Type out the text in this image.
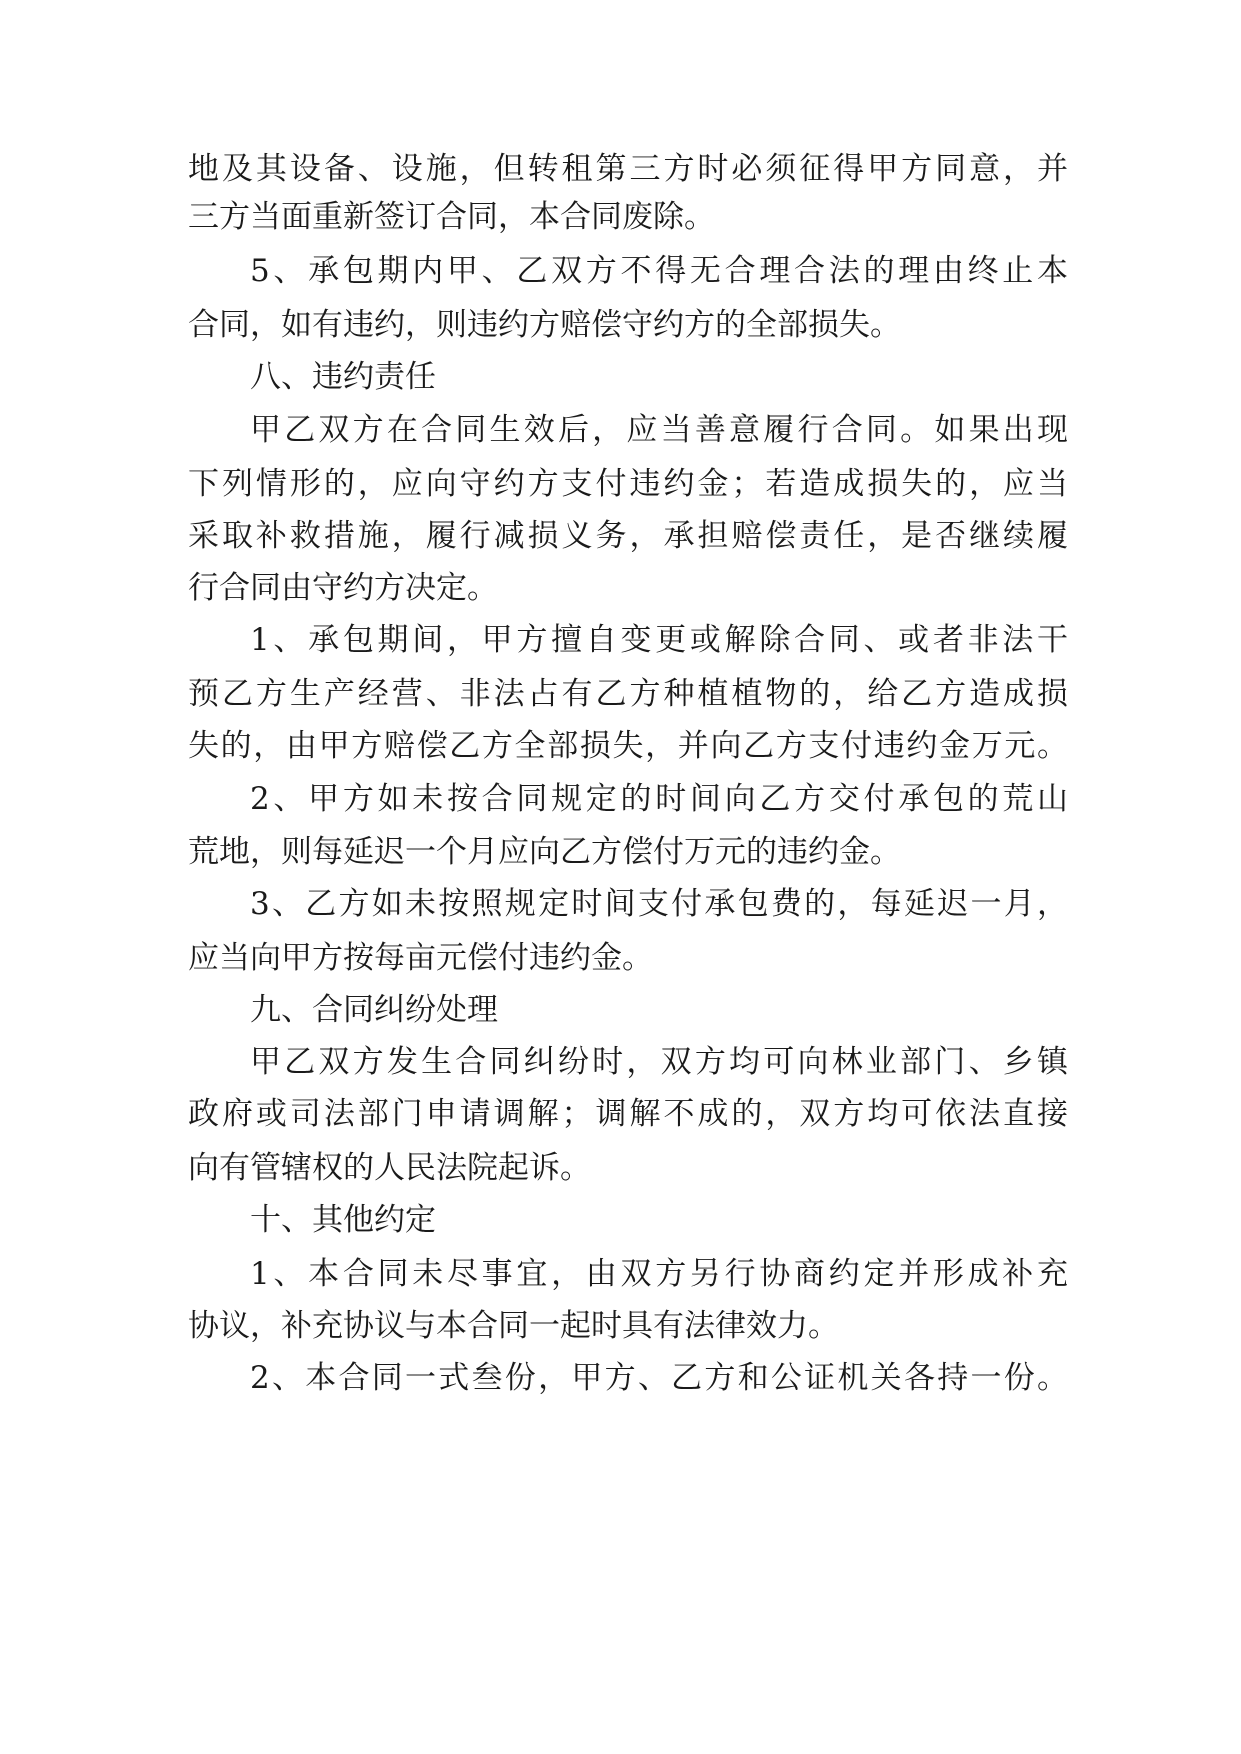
地及其设备、设施，但转租第三方时必须征得甲方同意，并
三方当面重新签订合同，本合同废除。
5、承包期内甲、乙双方不得无合理合法的理由终止本
合同，如有违约，则违约方赔偿守约方的全部损失。
八、违约责任
甲乙双方在合同生效后，应当善意履行合同。如果出现
下列情形的，应向守约方支付违约金；若造成损失的，应当
采取补救措施，履行减损义务，承担赔偿责任，是否继续履
行合同由守约方决定。
1、承包期间，甲方擅自变更或解除合同、或者非法干
预乙方生产经营、非法占有乙方种植植物的，给乙方造成损
失的，由甲方赔偿乙方全部损失，并向乙方支付违约金万元。
2、甲方如未按合同规定的时间向乙方交付承包的荒山
荒地，则每延迟一个月应向乙方偿付万元的违约金。
3、乙方如未按照规定时间支付承包费的，每延迟一月，
应当向甲方按每亩元偿付违约金。
九、合同纠纷处理
甲乙双方发生合同纠纷时，双方均可向林业部门、乡镇
政府或司法部门申请调解；调解不成的，双方均可依法直接
向有管辖权的人民法院起诉。
十、其他约定
1、本合同未尽事宜，由双方另行协商约定并形成补充
协议，补充协议与本合同一起时具有法律效力。
2、本合同一式叁份，甲方、乙方和公证机关各持一份。
